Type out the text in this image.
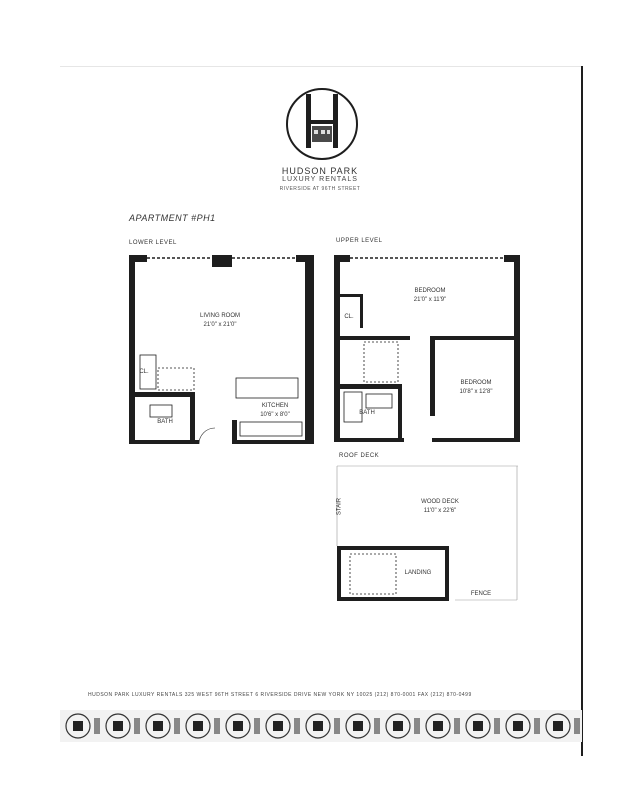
HUDSON PARK
LUXURY RENTALS
RIVERSIDE AT 96TH STREET
APARTMENT #PH1
LOWER LEVEL	UPPER LEVEL
ROOF DECK
LIVING ROOM
21'0" x 21'0"
KITCHEN
10'6" x 8'0"
CL.
BATH
BEDROOM
21'0" x 11'9"
CL.
BEDROOM
10'8" x 12'8"
BATH
WOOD DECK
11'0" x 22'6"
LANDING
FENCE
STAIR
HUDSON PARK LUXURY RENTALS 325 WEST 96TH STREET 6 RIVERSIDE DRIVE NEW YORK NY 10025 (212) 870-0001 FAX (212) 870-0499
